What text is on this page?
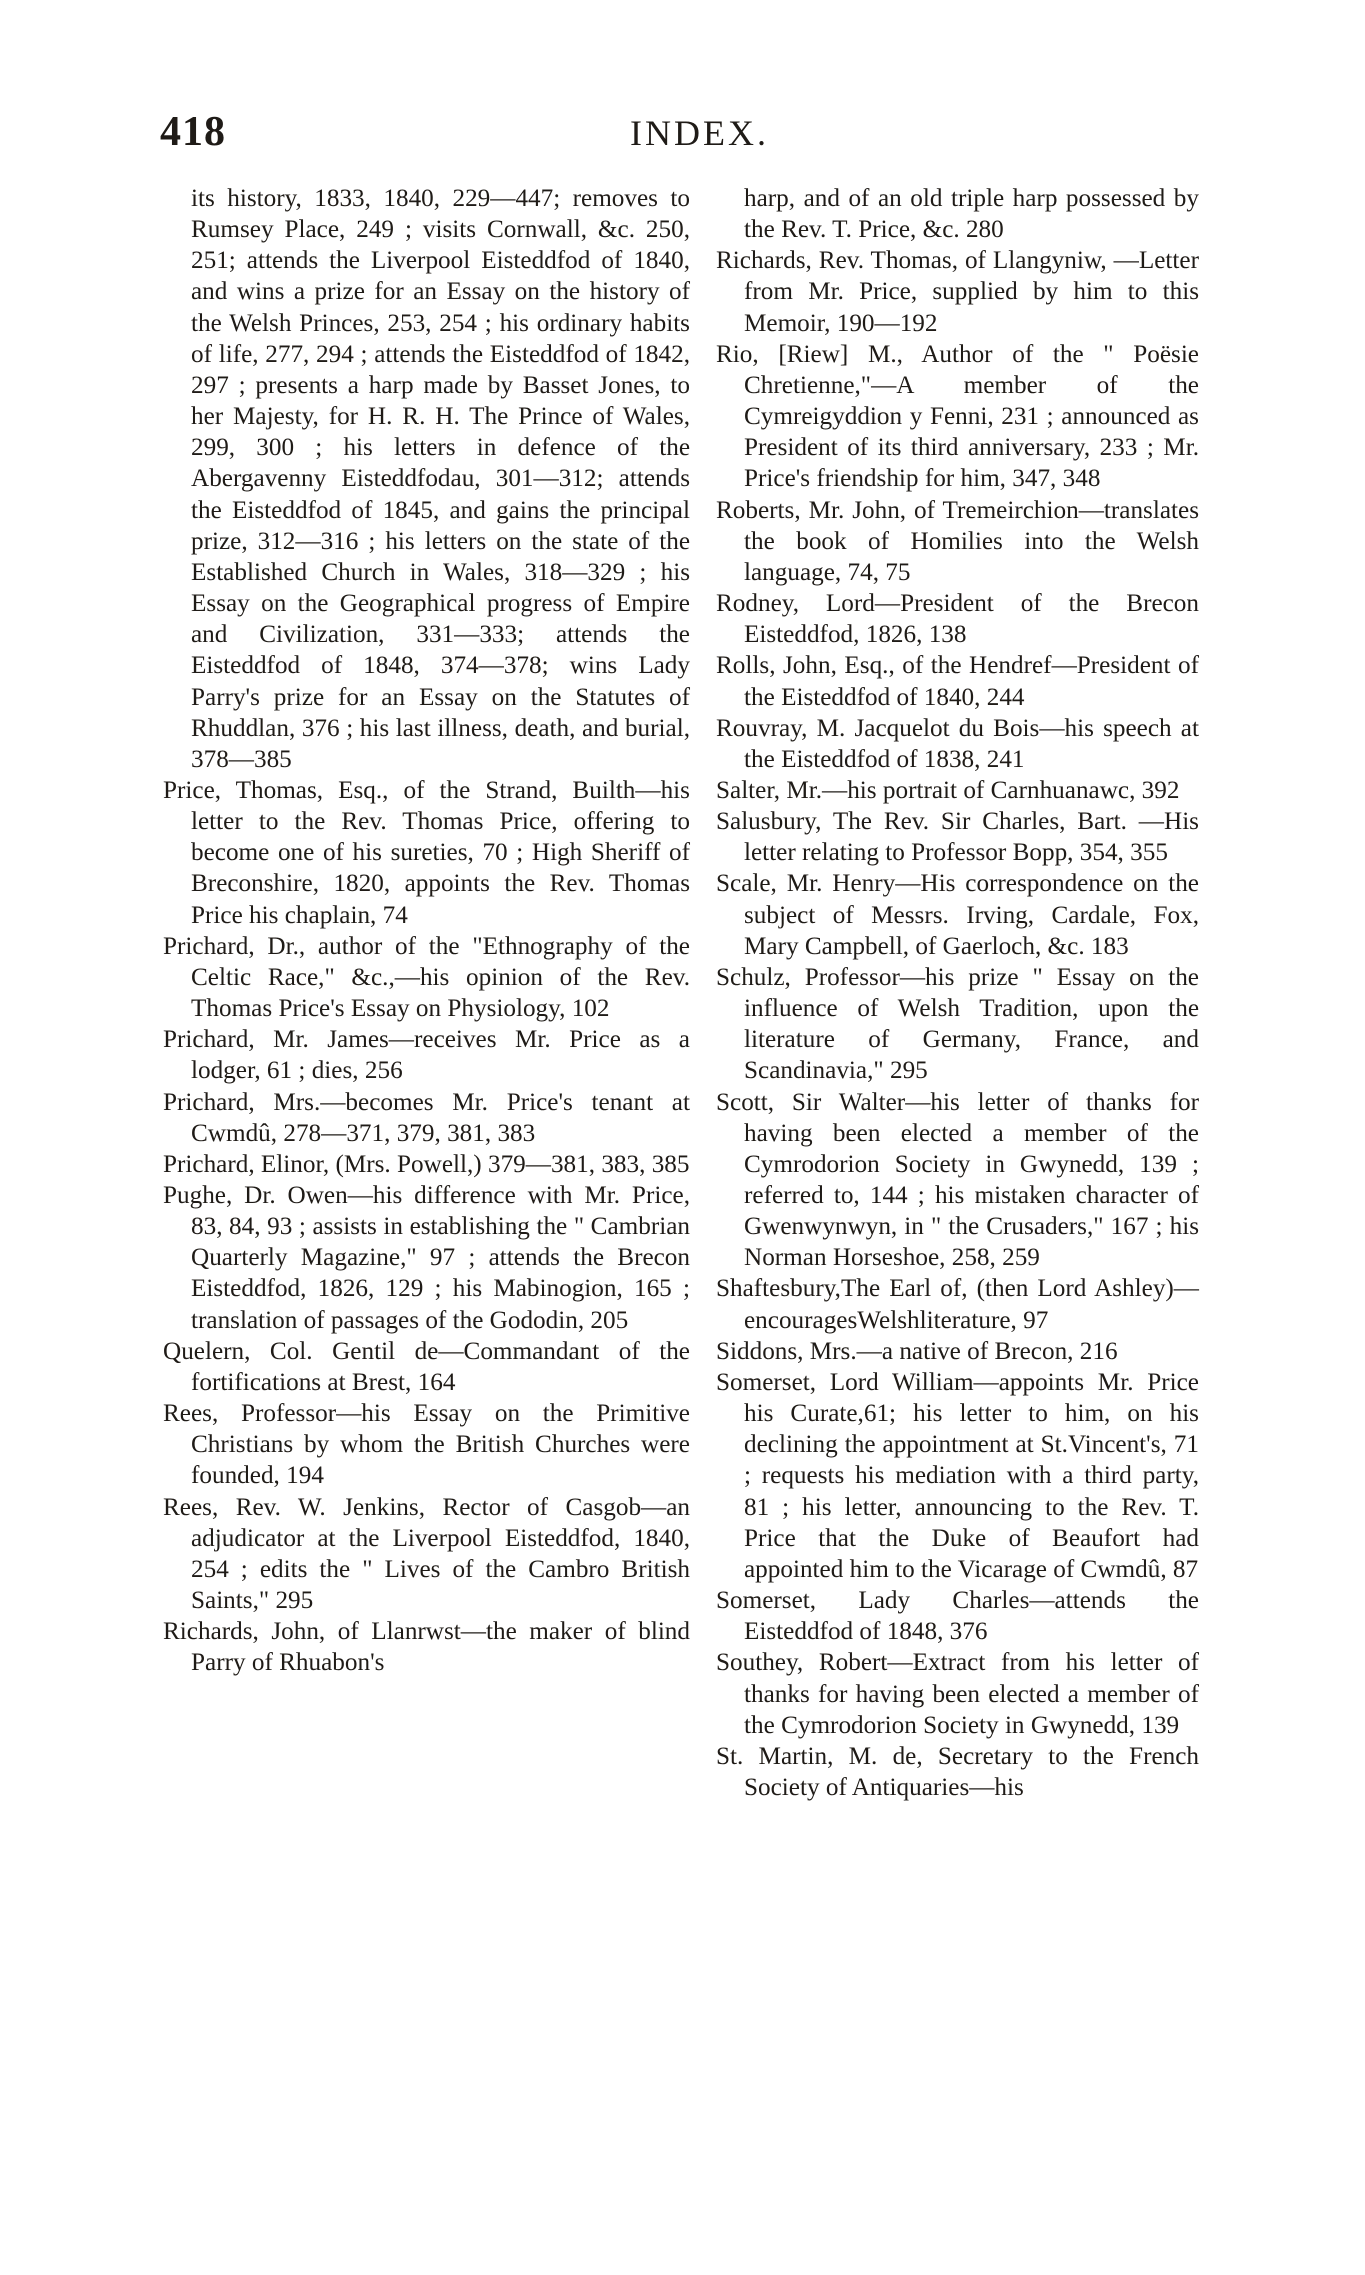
418	INDEX.

its history, 1833, 1840, 229—447; removes to Rumsey Place, 249 ; visits Cornwall, &c. 250, 251; attends the Liverpool Eisteddfod of 1840, and wins a prize for an Essay on the history of the Welsh Princes, 253, 254 ; his ordinary habits of life, 277, 294 ; attends the Eisteddfod of 1842, 297 ; presents a harp made by Basset Jones, to her Majesty, for H. R. H. The Prince of Wales, 299, 300 ; his letters in defence of the Abergavenny Eisteddfodau, 301—312; attends the Eisteddfod of 1845, and gains the principal prize, 312—316 ; his letters on the state of the Established Church in Wales, 318—329 ; his Essay on the Geographical progress of Empire and Civilization, 331—333; attends the Eisteddfod of 1848, 374—378; wins Lady Parry's prize for an Essay on the Statutes of Rhuddlan, 376 ; his last illness, death, and burial, 378—385

Price, Thomas, Esq., of the Strand, Builth—his letter to the Rev. Thomas Price, offering to become one of his sureties, 70 ; High Sheriff of Breconshire, 1820, appoints the Rev. Thomas Price his chaplain, 74

Prichard, Dr., author of the "Ethnography of the Celtic Race," &c.,—his opinion of the Rev. Thomas Price's Essay on Physiology, 102

Prichard, Mr. James—receives Mr. Price as a lodger, 61 ; dies, 256

Prichard, Mrs.—becomes Mr. Price's tenant at Cwmdû, 278—371, 379, 381, 383

Prichard, Elinor, (Mrs. Powell,) 379—381, 383, 385

Pughe, Dr. Owen—his difference with Mr. Price, 83, 84, 93 ; assists in establishing the " Cambrian Quarterly Magazine," 97 ; attends the Brecon Eisteddfod, 1826, 129 ; his Mabinogion, 165 ; translation of passages of the Gododin, 205

Quelern, Col. Gentil de—Commandant of the fortifications at Brest, 164

Rees, Professor—his Essay on the Primitive Christians by whom the British Churches were founded, 194

Rees, Rev. W. Jenkins, Rector of Casgob—an adjudicator at the Liverpool Eisteddfod, 1840, 254 ; edits the " Lives of the Cambro British Saints," 295

Richards, John, of Llanrwst—the maker of blind Parry of Rhuabon's

harp, and of an old triple harp possessed by the Rev. T. Price, &c. 280

Richards, Rev. Thomas, of Llangyniw, —Letter from Mr. Price, supplied by him to this Memoir, 190—192

Rio, [Riew] M., Author of the " Poësie Chretienne,"—A member of the Cymreigyddion y Fenni, 231 ; announced as President of its third anniversary, 233 ; Mr. Price's friendship for him, 347, 348

Roberts, Mr. John, of Tremeirchion—translates the book of Homilies into the Welsh language, 74, 75

Rodney, Lord—President of the Brecon Eisteddfod, 1826, 138

Rolls, John, Esq., of the Hendref—President of the Eisteddfod of 1840, 244

Rouvray, M. Jacquelot du Bois—his speech at the Eisteddfod of 1838, 241

Salter, Mr.—his portrait of Carnhuanawc, 392

Salusbury, The Rev. Sir Charles, Bart. —His letter relating to Professor Bopp, 354, 355

Scale, Mr. Henry—His correspondence on the subject of Messrs. Irving, Cardale, Fox, Mary Campbell, of Gaerloch, &c. 183

Schulz, Professor—his prize " Essay on the influence of Welsh Tradition, upon the literature of Germany, France, and Scandinavia," 295

Scott, Sir Walter—his letter of thanks for having been elected a member of the Cymrodorion Society in Gwynedd, 139 ; referred to, 144 ; his mistaken character of Gwenwynwyn, in " the Crusaders," 167 ; his Norman Horseshoe, 258, 259

Shaftesbury,The Earl of, (then Lord Ashley)—encouragesWelshliterature, 97

Siddons, Mrs.—a native of Brecon, 216

Somerset, Lord William—appoints Mr. Price his Curate,61; his letter to him, on his declining the appointment at St.Vincent's, 71 ; requests his mediation with a third party, 81 ; his letter, announcing to the Rev. T. Price that the Duke of Beaufort had appointed him to the Vicarage of Cwmdû, 87

Somerset, Lady Charles—attends the Eisteddfod of 1848, 376

Southey, Robert—Extract from his letter of thanks for having been elected a member of the Cymrodorion Society in Gwynedd, 139

St. Martin, M. de, Secretary to the French Society of Antiquaries—his
